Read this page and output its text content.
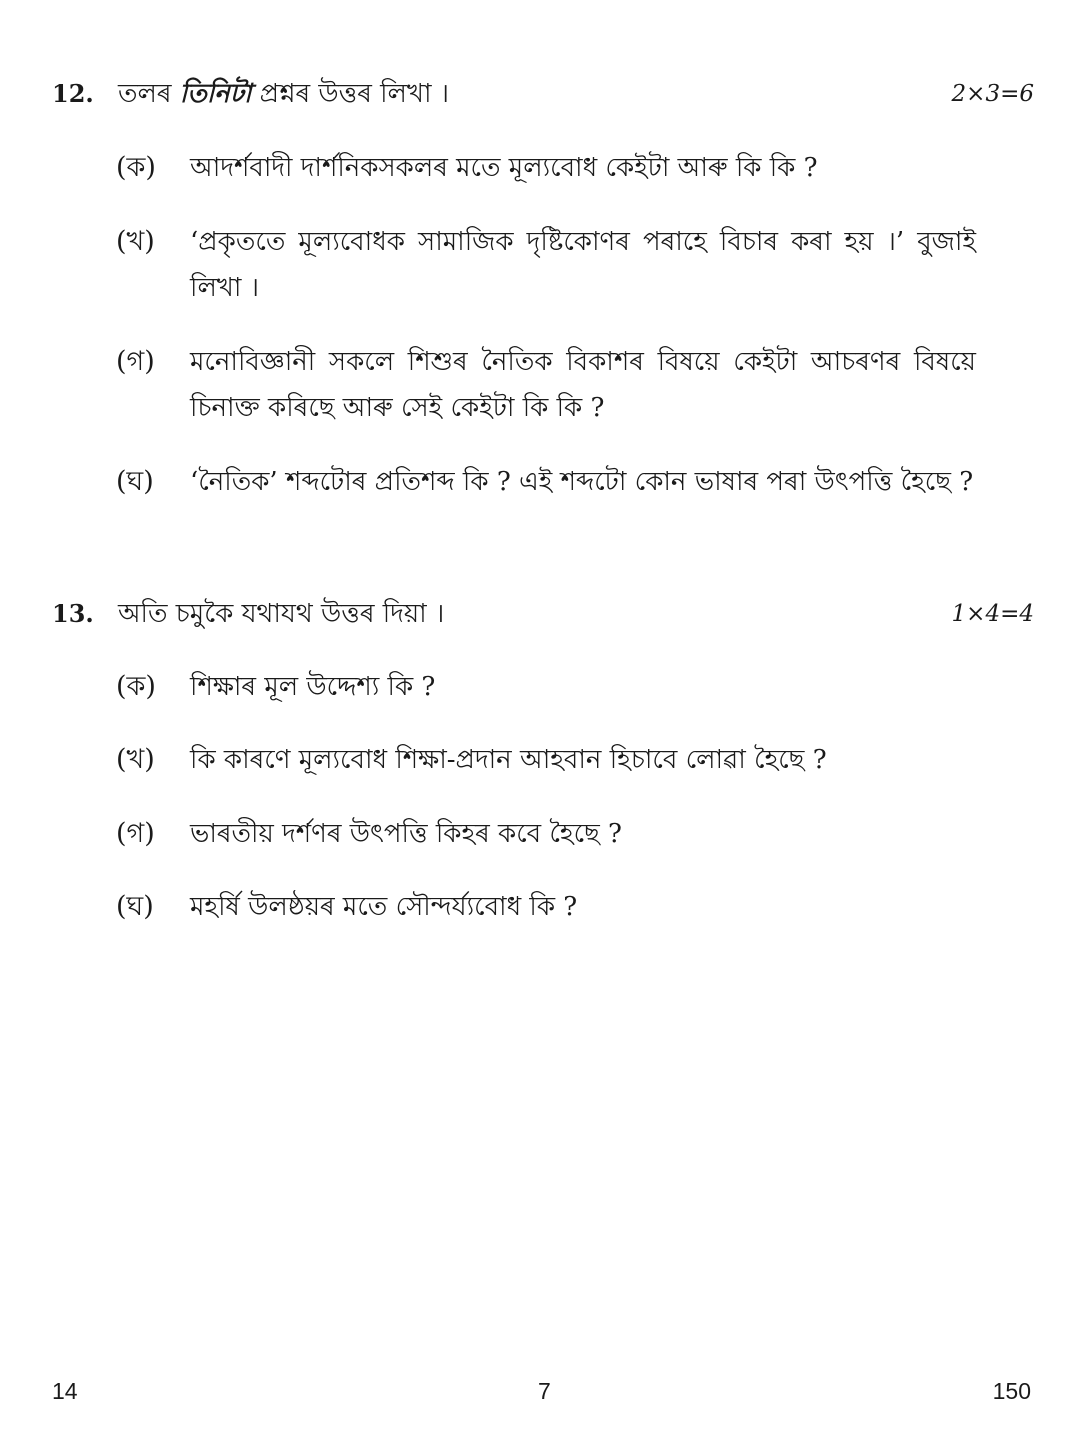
12. তলৰ তিনিটা প্ৰশ্নৰ উত্তৰ লিখা ।	2×3=6
(ক) আদৰ্শবাদী দাৰ্শনিকসকলৰ মতে মূল্যবোধ কেইটা আৰু কি কি ?
(খ) ‘প্ৰকৃততে মূল্যবোধক সামাজিক দৃষ্টিকোণৰ পৰাহে বিচাৰ কৰা হয় ।’ বুজাই লিখা ।
(গ) মনোবিজ্ঞানী সকলে শিশুৰ নৈতিক বিকাশৰ বিষয়ে কেইটা আচৰণৰ বিষয়ে চিনাক্ত কৰিছে আৰু সেই কেইটা কি কি ?
(ঘ) ‘নৈতিক’ শব্দটোৰ প্ৰতিশব্দ কি ? এই শব্দটো কোন ভাষাৰ পৰা উৎপত্তি হৈছে ?
13. অতি চমুকৈ যথাযথ উত্তৰ দিয়া ।	1×4=4
(ক) শিক্ষাৰ মূল উদ্দেশ্য কি ?
(খ) কি কাৰণে মূল্যবোধ শিক্ষা-প্ৰদান আহবান হিচাবে লোৱা হৈছে ?
(গ) ভাৰতীয় দৰ্শণৰ উৎপত্তি কিহৰ কবে হৈছে ?
(ঘ) মহৰ্ষি উলষ্ঠয়ৰ মতে সৌন্দৰ্য্যবোধ কি ?
14	7	150
